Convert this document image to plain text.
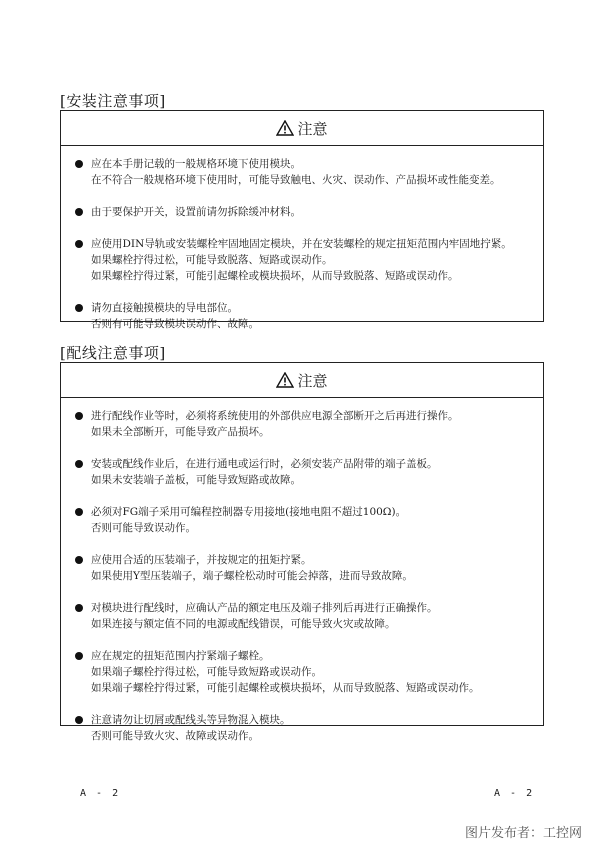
[安装注意事项]
注意
应在本手册记载的一般规格环境下使用模块。
在不符合一般规格环境下使用时，可能导致触电、火灾、误动作、产品损坏或性能变差。
由于要保护开关，设置前请勿拆除缓冲材料。
应使用DIN导轨或安装螺栓牢固地固定模块，并在安装螺栓的规定扭矩范围内牢固地拧紧。
如果螺栓拧得过松，可能导致脱落、短路或误动作。
如果螺栓拧得过紧，可能引起螺栓或模块损坏，从而导致脱落、短路或误动作。
请勿直接触摸模块的导电部位。
否则有可能导致模块误动作、故障。
[配线注意事项]
注意
进行配线作业等时，必须将系统使用的外部供应电源全部断开之后再进行操作。
如果未全部断开，可能导致产品损坏。
安装或配线作业后，在进行通电或运行时，必须安装产品附带的端子盖板。
如果未安装端子盖板，可能导致短路或故障。
必须对FG端子采用可编程控制器专用接地(接地电阻不超过100Ω)。
否则可能导致误动作。
应使用合适的压装端子，并按规定的扭矩拧紧。
如果使用Y型压装端子，端子螺栓松动时可能会掉落，进而导致故障。
对模块进行配线时，应确认产品的额定电压及端子排列后再进行正确操作。
如果连接与额定值不同的电源或配线错误，可能导致火灾或故障。
应在规定的扭矩范围内拧紧端子螺栓。
如果端子螺栓拧得过松，可能导致短路或误动作。
如果端子螺栓拧得过紧，可能引起螺栓或模块损坏，从而导致脱落、短路或误动作。
注意请勿让切屑或配线头等异物混入模块。
否则可能导致火灾、故障或误动作。
A - 2	A - 2
图片发布者：工控网
